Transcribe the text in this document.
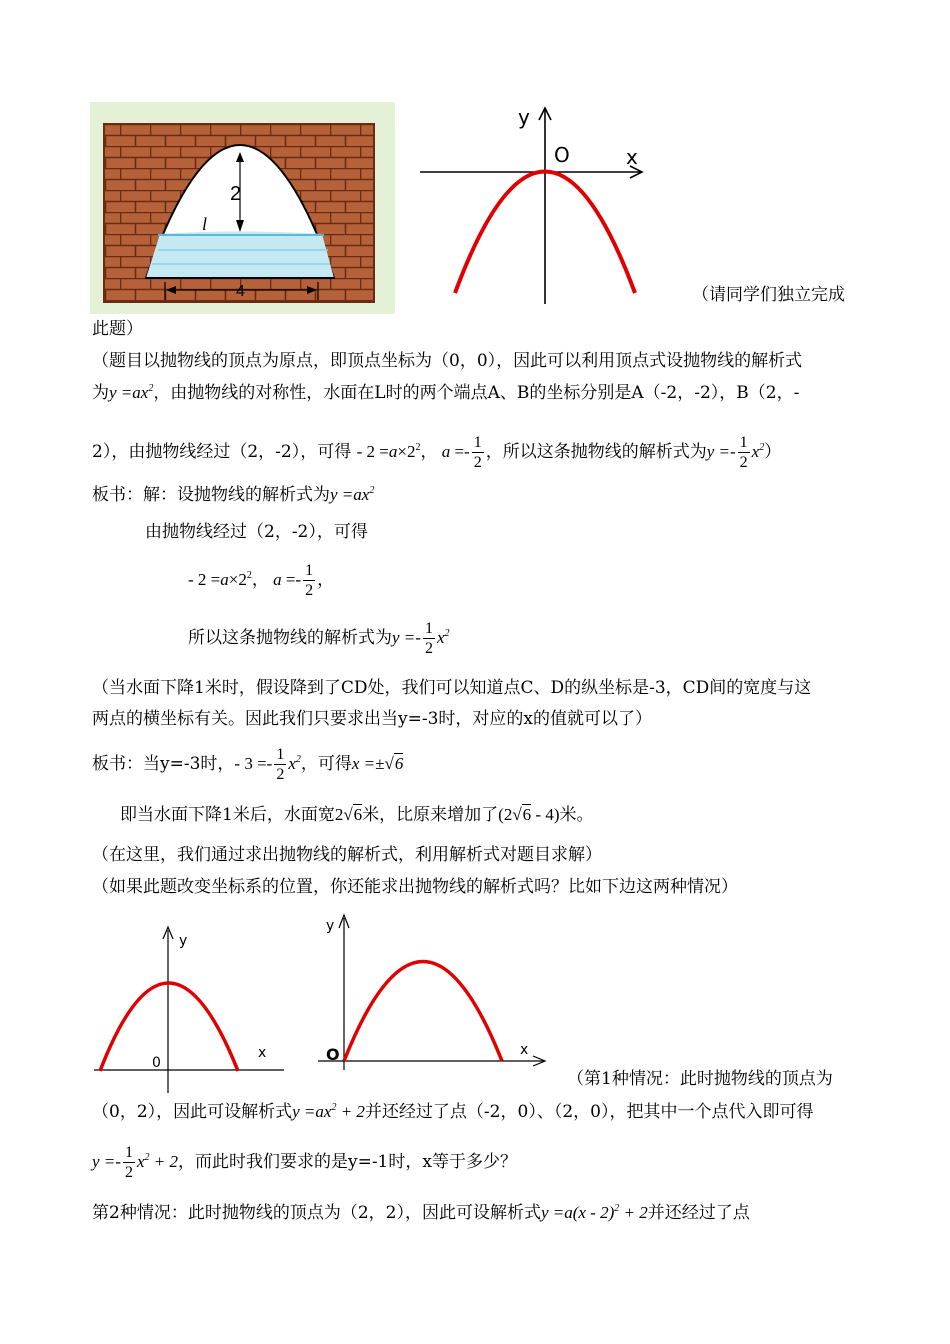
2
l
4
y
O	x
（请同学们独立完成
此题）
（题目以抛物线的顶点为原点，即顶点坐标为（0，0），因此可以利用顶点式设抛物线的解析式
为$y =ax^2$，由抛物线的对称性，水面在L时的两个端点A、B的坐标分别是A（-2，-2），B（2，-
2），由抛物线经过（2，-2），可得 - $2 =a\times 2^2$， $a =- \frac{1}{2}$ ，所以这条抛物线的解析式为$y =- \frac{1}{2} x^2$）
板书：解：设抛物线的解析式为$y =ax^2$
由抛物线经过（2，-2），可得
- $2 =a\times 2^2$， $a =- \frac{1}{2}$ ，
所以这条抛物线的解析式为$y =- \frac{1}{2} x^2$
（当水面下降1米时，假设降到了CD处，我们可以知道点C、D的纵坐标是-3，CD间的宽度与这
两点的横坐标有关。因此我们只要求出当y=-3时，对应的x的值就可以了）
板书：当y=-3时，- $3 =- \frac{1}{2} x^2$，可得x =±√6
即当水面下降1米后，水面宽2√6米，比原来增加了(2√6 - 4)米。
（在这里，我们通过求出抛物线的解析式，利用解析式对题目求解）
（如果此题改变坐标系的位置，你还能求出抛物线的解析式吗？比如下边这两种情况）
y
0
x
y
O	x
（第1种情况：此时抛物线的顶点为
（0，2），因此可设解析式$y =ax^2 + 2$并还经过了点（-2，0）、（2，0），把其中一个点代入即可得
$y =- \frac{1}{2} x^2 + 2$，而此时我们要求的是y=-1时，x等于多少？
第2种情况：此时抛物线的顶点为（2，2），因此可设解析式y =a(x - 2)$^2$ + 2并还经过了点
